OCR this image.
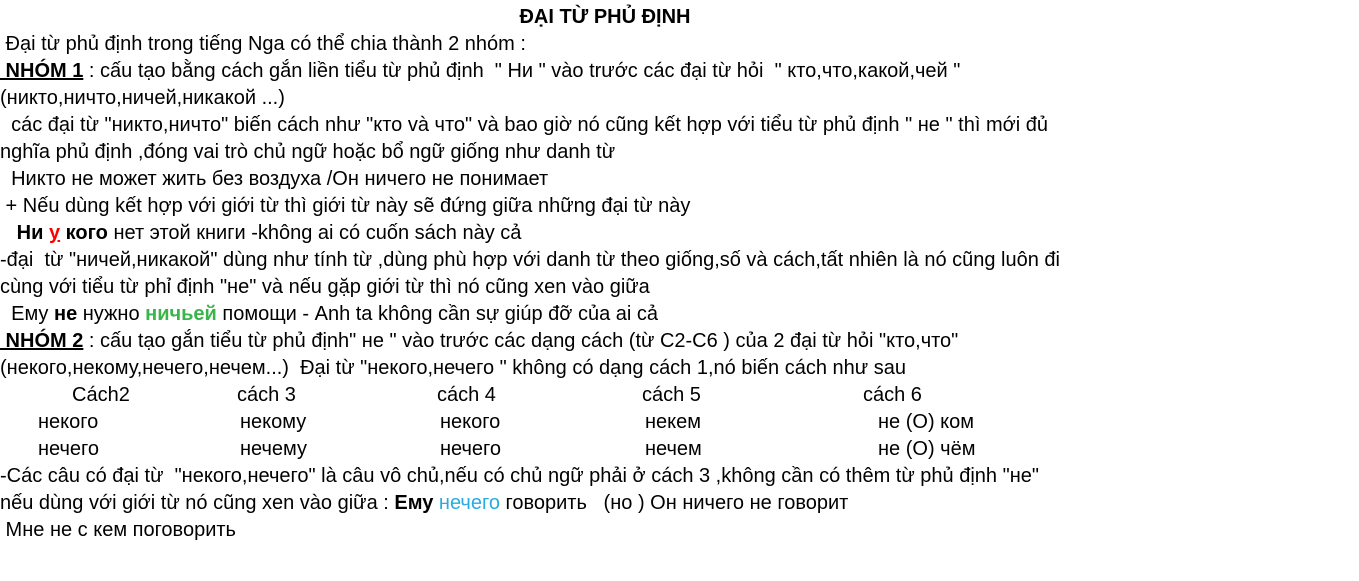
ĐẠI TỪ PHỦ ĐỊNH
Đại từ phủ định trong tiếng Nga có thể chia thành 2 nhóm :
NHÓM 1 : cấu tạo bằng cách gắn liền tiểu từ phủ định  " Ни " vào trước các đại từ hỏi  " кто,что,какой,чей "
(никто,ничто,ничей,никакой ...)
các đại từ "никто,ничто" biến cách như "кто và что" và bao giờ nó cũng kết hợp với tiểu từ phủ định " не " thì mới đủ
nghĩa phủ định ,đóng vai trò chủ ngữ hoặc bổ ngữ giống như danh từ
Никто не может жить без воздуха /Он ничего не понимает
+ Nếu dùng kết hợp với giới từ thì giới từ này sẽ đứng giữa những đại từ này
Ни у кого нет этой книги -không ai có cuốn sách này cả
-đại  từ "ничей,никакой" dùng như tính từ ,dùng phù hợp với danh từ theo giống,số và cách,tất nhiên là nó cũng luôn đi
cùng với tiểu từ phỉ định "не" và nếu gặp giới từ thì nó cũng xen vào giữa
Ему не нужно ничьей помощи - Anh ta không cần sự giúp đỡ của ai cả
NHÓM 2 : cấu tạo gắn tiểu từ phủ định" не " vào trước các dạng cách (từ C2-C6 ) của 2 đại từ hỏi "кто,что"
(некого,некому,нечего,нечем...)  Đại từ "некого,нечего " không có dạng cách 1,nó biến cách như sau
Cách2	cách 3	cách 4	cách 5	cách 6
некого	некому	некого	некем	не (О) ком
нечего	нечему	нечего	нечем	не (О) чём
-Các câu có đại từ  "некого,нечего" là câu vô chủ,nếu có chủ ngữ phải ở cách 3 ,không cần có thêm từ phủ định "не"
nếu dùng với giới từ nó cũng xen vào giữa : Ему нечего говорить   (но ) Он ничего не говорит
Мне не с кем поговорить
